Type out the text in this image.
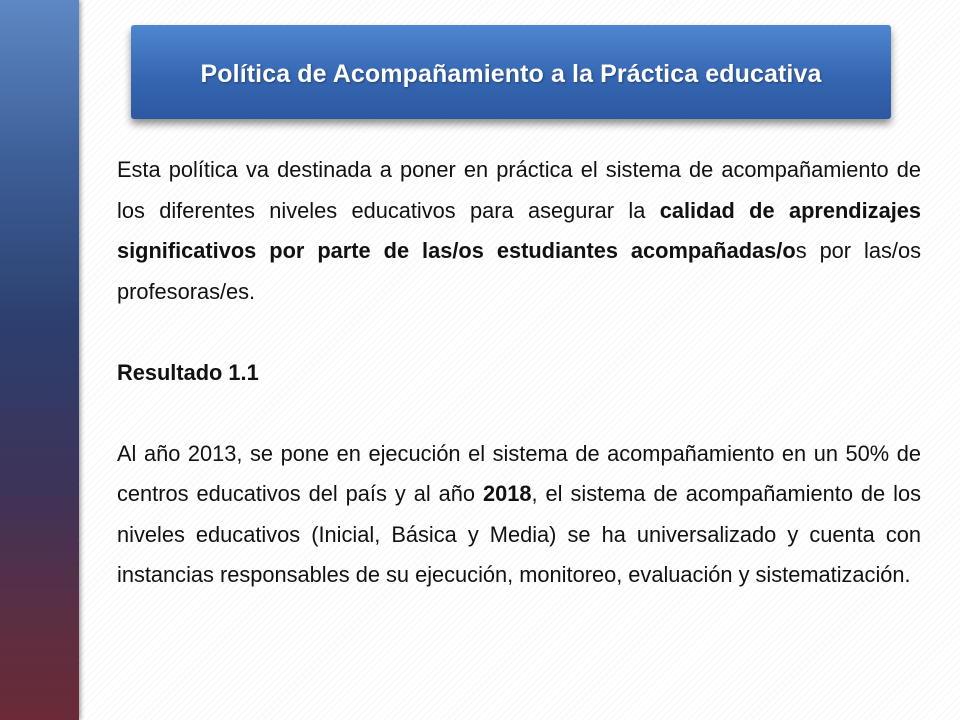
Política de Acompañamiento a la Práctica educativa

Esta política va destinada a poner en práctica el sistema de acompañamiento de los diferentes niveles educativos para asegurar la calidad de aprendizajes significativos por parte de las/os estudiantes acompañadas/os por las/os profesoras/es.

Resultado 1.1

Al año 2013, se pone en ejecución el sistema de acompañamiento en un 50% de centros educativos del país y al año 2018, el sistema de acompañamiento de los niveles educativos (Inicial, Básica y Media) se ha universalizado y cuenta con instancias responsables de su ejecución, monitoreo, evaluación y sistematización.
